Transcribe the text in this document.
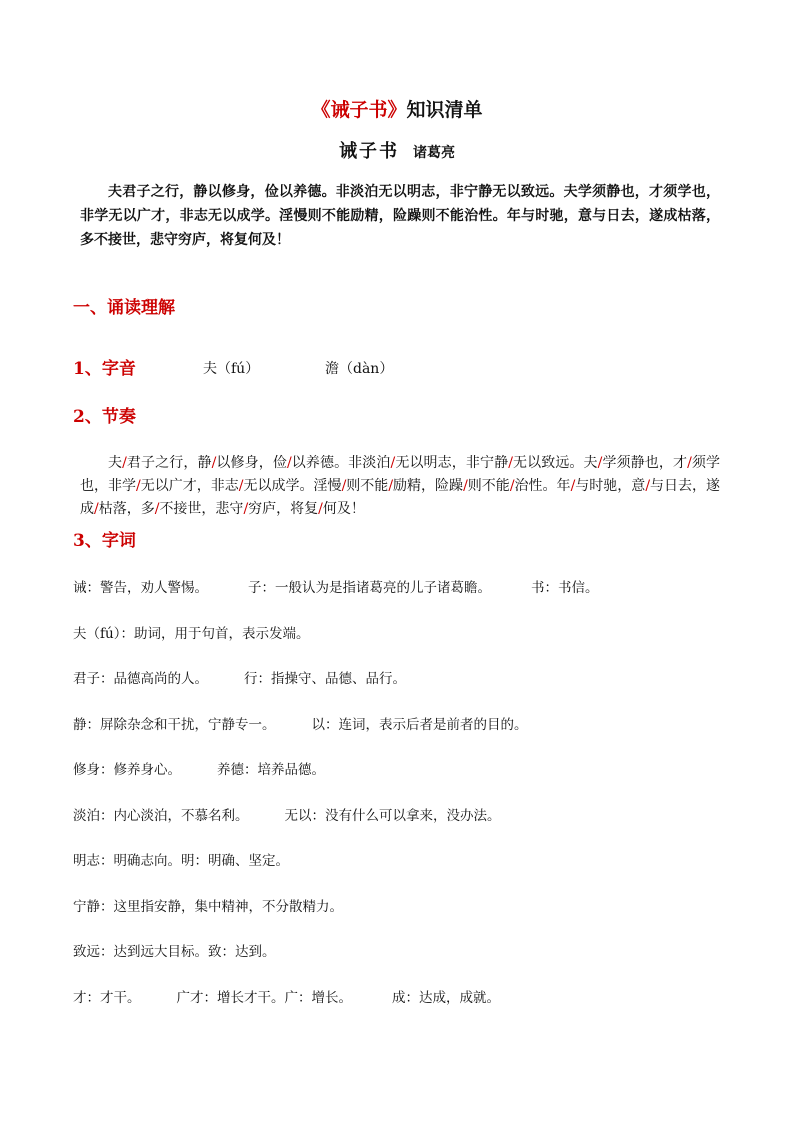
《诫子书》知识清单
诫子书 诸葛亮
夫君子之行，静以修身，俭以养德。非淡泊无以明志，非宁静无以致远。夫学须静也，才须学也，非学无以广才，非志无以成学。淫慢则不能励精，险躁则不能治性。年与时驰，意与日去，遂成枯落，多不接世，悲守穷庐，将复何及！
一、诵读理解
1、字音	夫（fú）	澹（dàn）
2、节奏
夫/君子之行，静/以修身，俭/以养德。非淡泊/无以明志，非宁静/无以致远。夫/学须静也，才/须学也，非学/无以广才，非志/无以成学。淫慢/则不能/励精，险躁/则不能/治性。年/与时驰，意/与日去，遂成/枯落，多/不接世，悲守/穷庐，将复/何及！
3、字词
诫：警告，劝人警惕。	子：一般认为是指诸葛亮的儿子诸葛瞻。	书：书信。
夫（fú）：助词，用于句首，表示发端。
君子：品德高尚的人。	行：指操守、品德、品行。
静：屏除杂念和干扰，宁静专一。	以：连词，表示后者是前者的目的。
修身：修养身心。	养德：培养品德。
淡泊：内心淡泊，不慕名利。	无以：没有什么可以拿来，没办法。
明志：明确志向。明：明确、坚定。
宁静：这里指安静，集中精神，不分散精力。
致远：达到远大目标。致：达到。
才：才干。	广才：增长才干。广：增长。	成：达成，成就。
